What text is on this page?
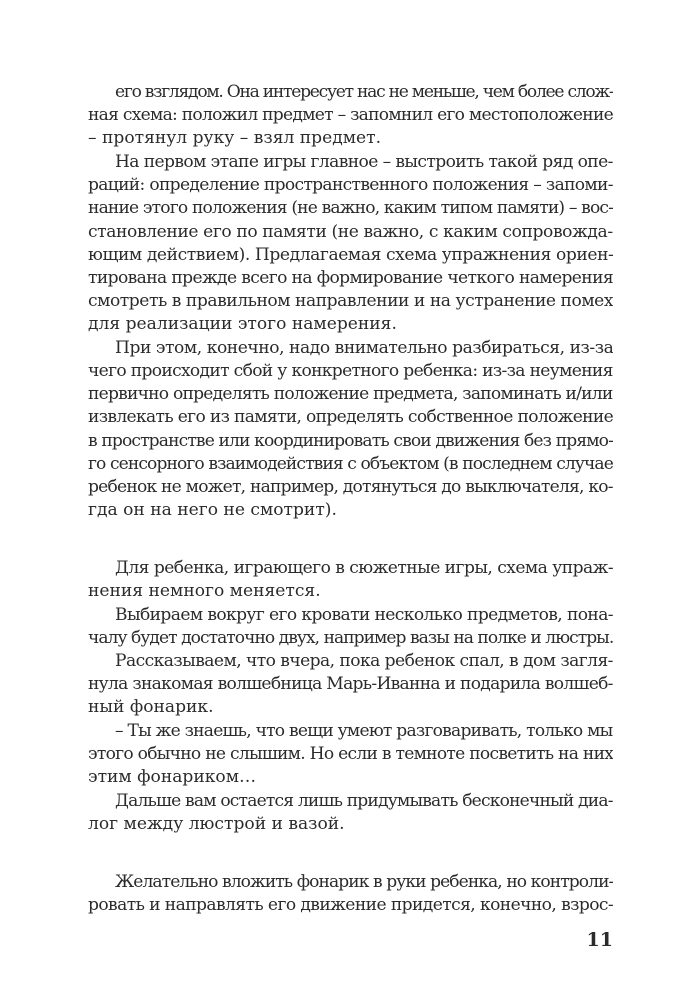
его взглядом. Она интересует нас не меньше, чем более слож-
ная схема: положил предмет – запомнил его местоположение
– протянул руку – взял предмет.
На первом этапе игры главное – выстроить такой ряд опе-
раций: определение пространственного положения – запоми-
нание этого положения (не важно, каким типом памяти) – вос-
становление его по памяти (не важно, с каким сопровожда-
ющим действием). Предлагаемая схема упражнения ориен-
тирована прежде всего на формирование четкого намерения
смотреть в правильном направлении и на устранение помех
для реализации этого намерения.
При этом, конечно, надо внимательно разбираться, из-за
чего происходит сбой у конкретного ребенка: из-за неумения
первично определять положение предмета, запоминать и/или
извлекать его из памяти, определять собственное положение
в пространстве или координировать свои движения без прямо-
го сенсорного взаимодействия с объектом (в последнем случае
ребенок не может, например, дотянуться до выключателя, ко-
гда он на него не смотрит).
Для ребенка, играющего в сюжетные игры, схема упраж-
нения немного меняется.
Выбираем вокруг его кровати несколько предметов, пона-
чалу будет достаточно двух, например вазы на полке и люстры.
Рассказываем, что вчера, пока ребенок спал, в дом загля-
нула знакомая волшебница Марь-Иванна и подарила волшеб-
ный фонарик.
– Ты же знаешь, что вещи умеют разговаривать, только мы
этого обычно не слышим. Но если в темноте посветить на них
этим фонариком…
Дальше вам остается лишь придумывать бесконечный диа-
лог между люстрой и вазой.
Желательно вложить фонарик в руки ребенка, но контроли-
ровать и направлять его движение придется, конечно, взрос-
11
